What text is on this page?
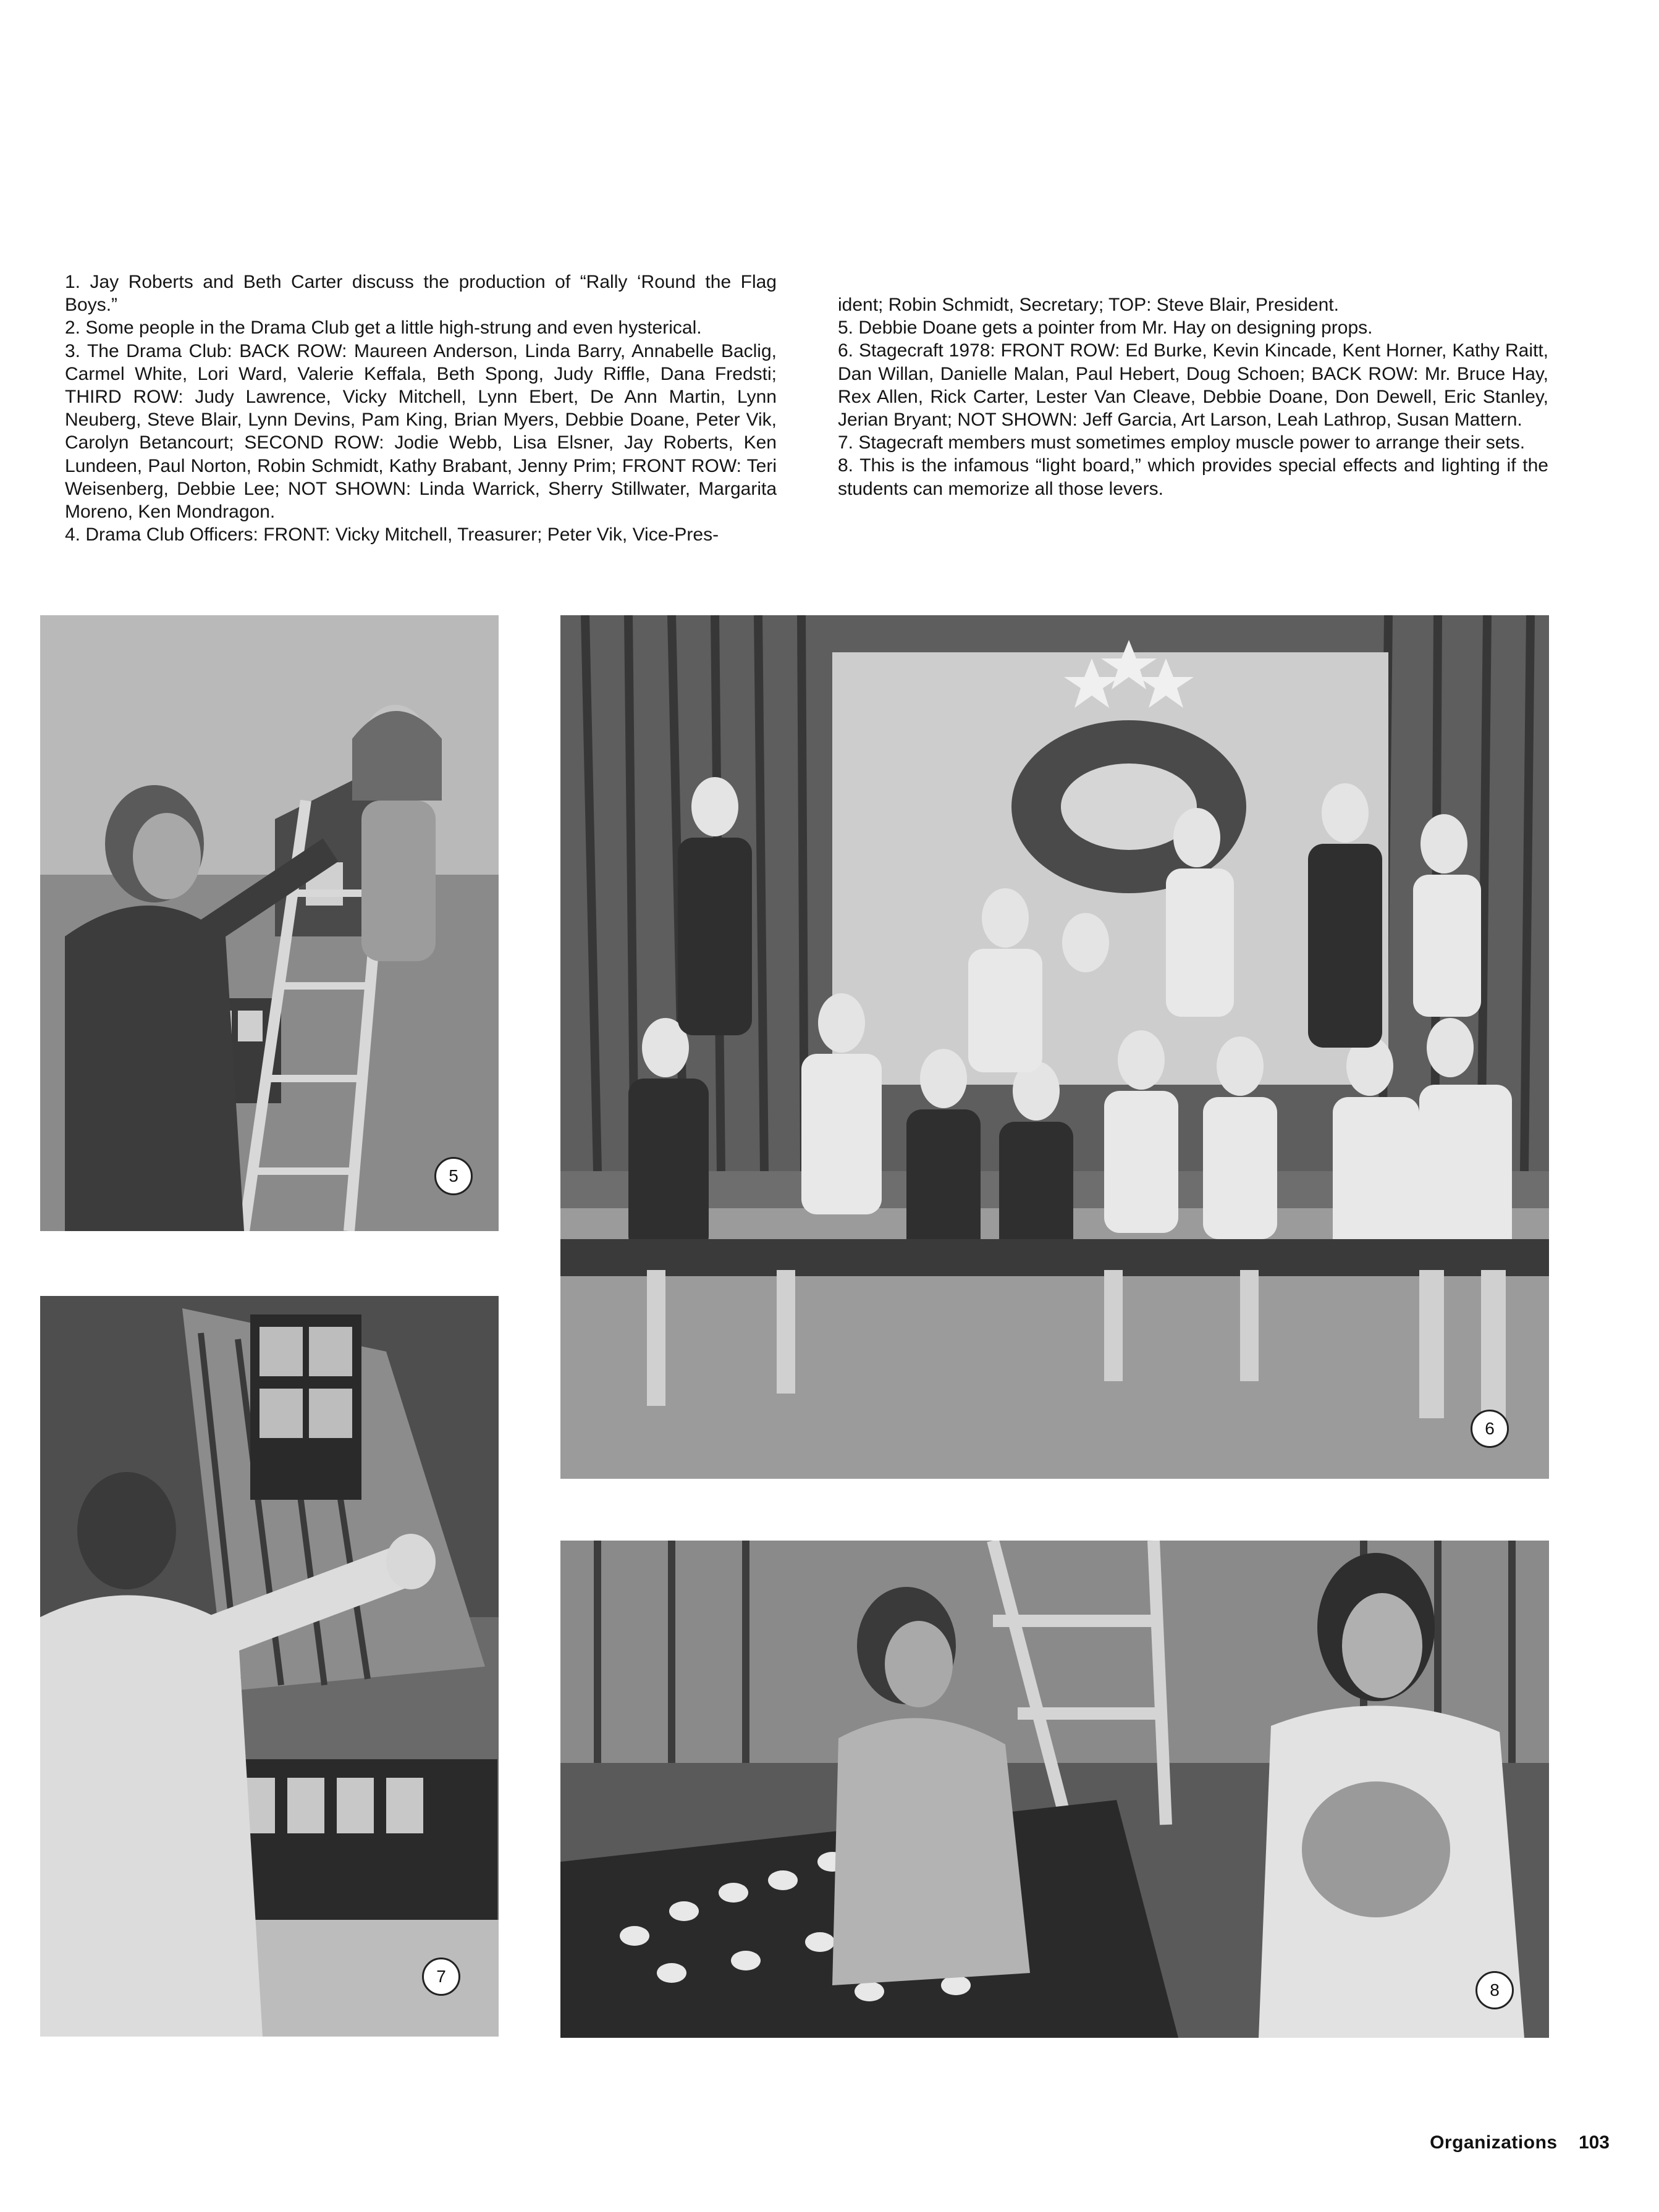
1. Jay Roberts and Beth Carter discuss the production of “Rally ‘Round the Flag Boys.”

2. Some people in the Drama Club get a little high-strung and even hysterical.

3. The Drama Club: BACK ROW: Maureen Anderson, Linda Barry, Annabelle Baclig, Carmel White, Lori Ward, Valerie Keffala, Beth Spong, Judy Riffle, Dana Fredsti; THIRD ROW: Judy Lawrence, Vicky Mitchell, Lynn Ebert, De Ann Martin, Lynn Neuberg, Steve Blair, Lynn Devins, Pam King, Brian Myers, Debbie Doane, Peter Vik, Carolyn Betancourt; SECOND ROW: Jodie Webb, Lisa Elsner, Jay Roberts, Ken Lundeen, Paul Norton, Robin Schmidt, Kathy Brabant, Jenny Prim; FRONT ROW: Teri Weisenberg, Debbie Lee; NOT SHOWN: Linda Warrick, Sherry Stillwater, Margarita Moreno, Ken Mondragon.

4. Drama Club Officers: FRONT: Vicky Mitchell, Treasurer; Peter Vik, Vice-Pres-

ident; Robin Schmidt, Secretary; TOP: Steve Blair, President.

5. Debbie Doane gets a pointer from Mr. Hay on designing props.

6. Stagecraft 1978: FRONT ROW: Ed Burke, Kevin Kincade, Kent Horner, Kathy Raitt, Dan Willan, Danielle Malan, Paul Hebert, Doug Schoen; BACK ROW: Mr. Bruce Hay, Rex Allen, Rick Carter, Lester Van Cleave, Debbie Doane, Don Dewell, Eric Stanley, Jerian Bryant; NOT SHOWN: Jeff Garcia, Art Larson, Leah Lathrop, Susan Mattern.

7. Stagecraft members must sometimes employ muscle power to arrange their sets.

8. This is the infamous “light board,” which provides special effects and lighting if the students can memorize all those levers.

5
6
7
8
Organizations 103
